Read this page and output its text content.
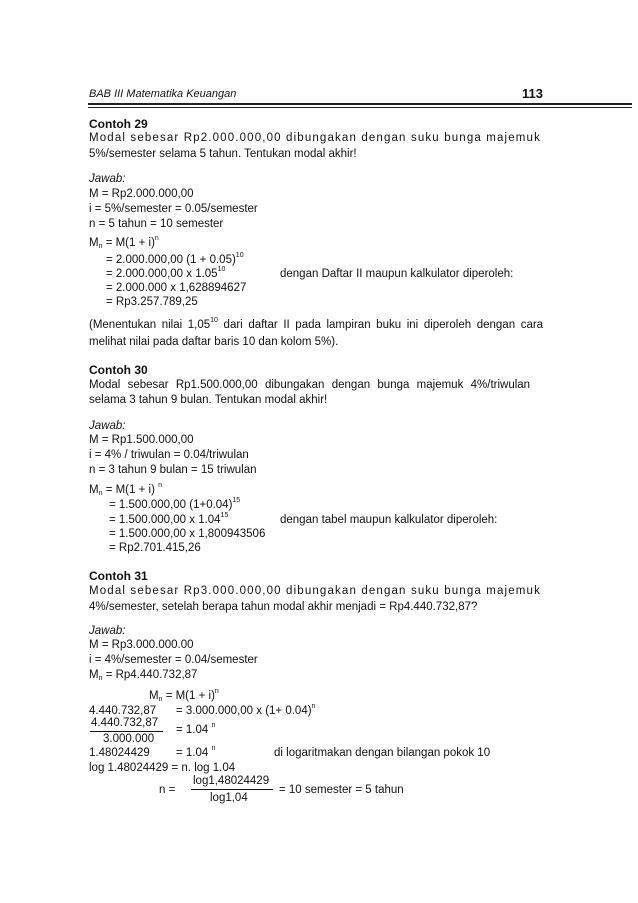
BAB III Matematika Keuangan	113
Contoh 29
Modal sebesar Rp2.000.000,00 dibungakan dengan suku bunga majemuk
5%/semester selama 5 tahun. Tentukan modal akhir!
Jawab:
M = Rp2.000.000,00
i = 5%/semester = 0.05/semester
n = 5 tahun = 10 semester
$M_n = M(1 + i)^n$
= 2.000.000,00 $(1 + 0.05)^{10}$
= 2.000.000,00 x 1.05$^{10}$	dengan Daftar II maupun kalkulator diperoleh:
= 2.000.000 x 1,628894627
= Rp3.257.789,25
(Menentukan nilai 1,05$^{10}$ dari daftar II pada lampiran buku ini diperoleh dengan cara
melihat nilai pada daftar baris 10 dan kolom 5%).
Contoh 30
Modal sebesar Rp1.500.000,00 dibungakan dengan bunga majemuk 4%/triwulan
selama 3 tahun 9 bulan. Tentukan modal akhir!
Jawab:
M = Rp1.500.000,00
i = 4% / triwulan = 0.04/triwulan
n = 3 tahun 9 bulan = 15 triwulan
$M_n = M(1 + i)$ $^n$
= 1.500.000,00 $(1+0.04)^{15}$
= 1.500.000,00 x 1.04$^{15}$	dengan tabel maupun kalkulator diperoleh:
= 1.500.000,00 x 1,800943506
= Rp2.701.415,26
Contoh 31
Modal sebesar Rp3.000.000,00 dibungakan dengan suku bunga majemuk
4%/semester, setelah berapa tahun modal akhir menjadi = Rp4.440.732,87?
Jawab:
M = Rp3.000.000.00
i = 4%/semester = 0.04/semester
$M_n = Rp4.440.732,87$
$M_n = M(1 + i)^n$
4.440.732,87 = 3.000.000,00 x $(1+ 0.04)^n$
4.440.732,87
3.000.000
= 1.04 $^n$
1.48024429 = 1.04 $^n$	di logaritmakan dengan bilangan pokok 10
log 1.48024429 = n. log 1.04
n =
log1,48024429
log1,04
= 10 semester = 5 tahun
